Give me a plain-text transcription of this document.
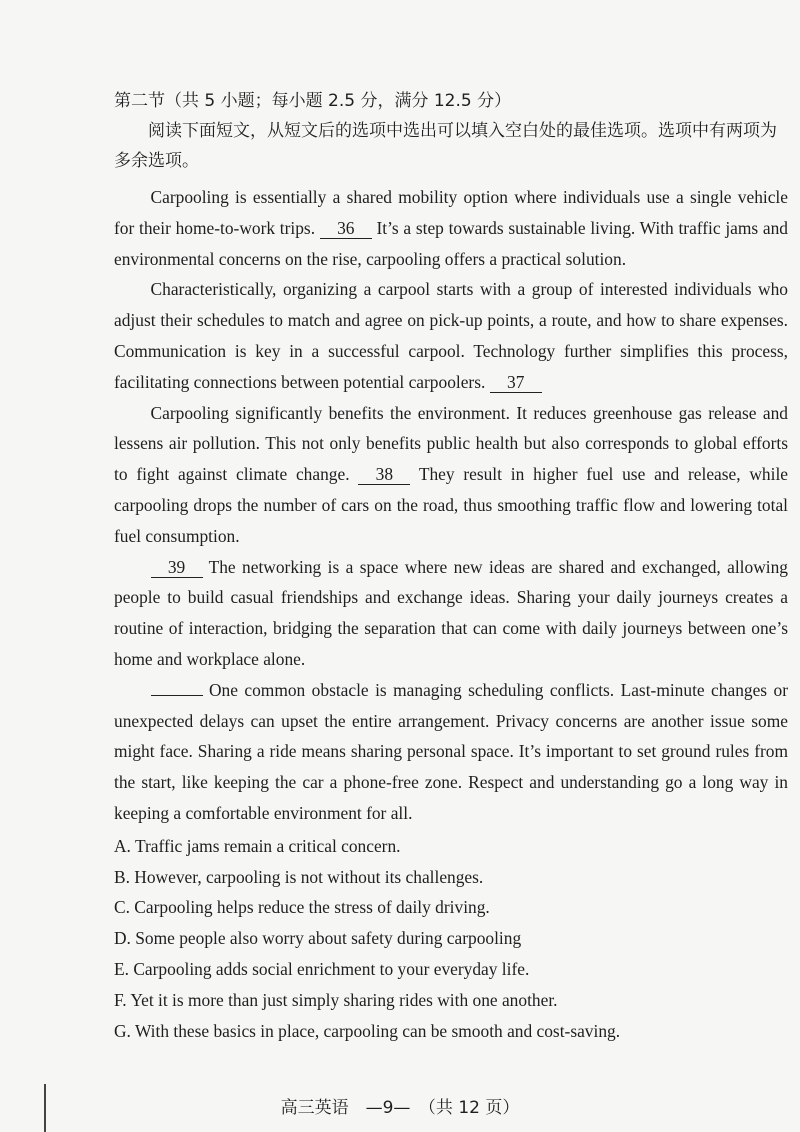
第二节（共 5 小题；每小题 2.5 分，满分 12.5 分）

阅读下面短文，从短文后的选项中选出可以填入空白处的最佳选项。选项中有两项为多余选项。

Carpooling is essentially a shared mobility option where individuals use a single vehicle for their home-to-work trips. 36 It’s a step towards sustainable living. With traffic jams and environmental concerns on the rise, carpooling offers a practical solution.

Characteristically, organizing a carpool starts with a group of interested individuals who adjust their schedules to match and agree on pick-up points, a route, and how to share expenses. Communication is key in a successful carpool. Technology further simplifies this process, facilitating connections between potential carpoolers. 37

Carpooling significantly benefits the environment. It reduces greenhouse gas release and lessens air pollution. This not only benefits public health but also corresponds to global efforts to fight against climate change. 38 They result in higher fuel use and release, while carpooling drops the number of cars on the road, thus smoothing traffic flow and lowering total fuel consumption.

39 The networking is a space where new ideas are shared and exchanged, allowing people to build casual friendships and exchange ideas. Sharing your daily journeys creates a routine of interaction, bridging the separation that can come with daily journeys between one’s home and workplace alone.

One common obstacle is managing scheduling conflicts. Last-minute changes or unexpected delays can upset the entire arrangement. Privacy concerns are another issue some might face. Sharing a ride means sharing personal space. It’s important to set ground rules from the start, like keeping the car a phone-free zone. Respect and understanding go a long way in keeping a comfortable environment for all.

A. Traffic jams remain a critical concern.

B. However, carpooling is not without its challenges.

C. Carpooling helps reduce the stress of daily driving.

D. Some people also worry about safety during carpooling

E. Carpooling adds social enrichment to your everyday life.

F. Yet it is more than just simply sharing rides with one another.

G. With these basics in place, carpooling can be smooth and cost-saving.

高三英语　—9—　（共 12 页）
